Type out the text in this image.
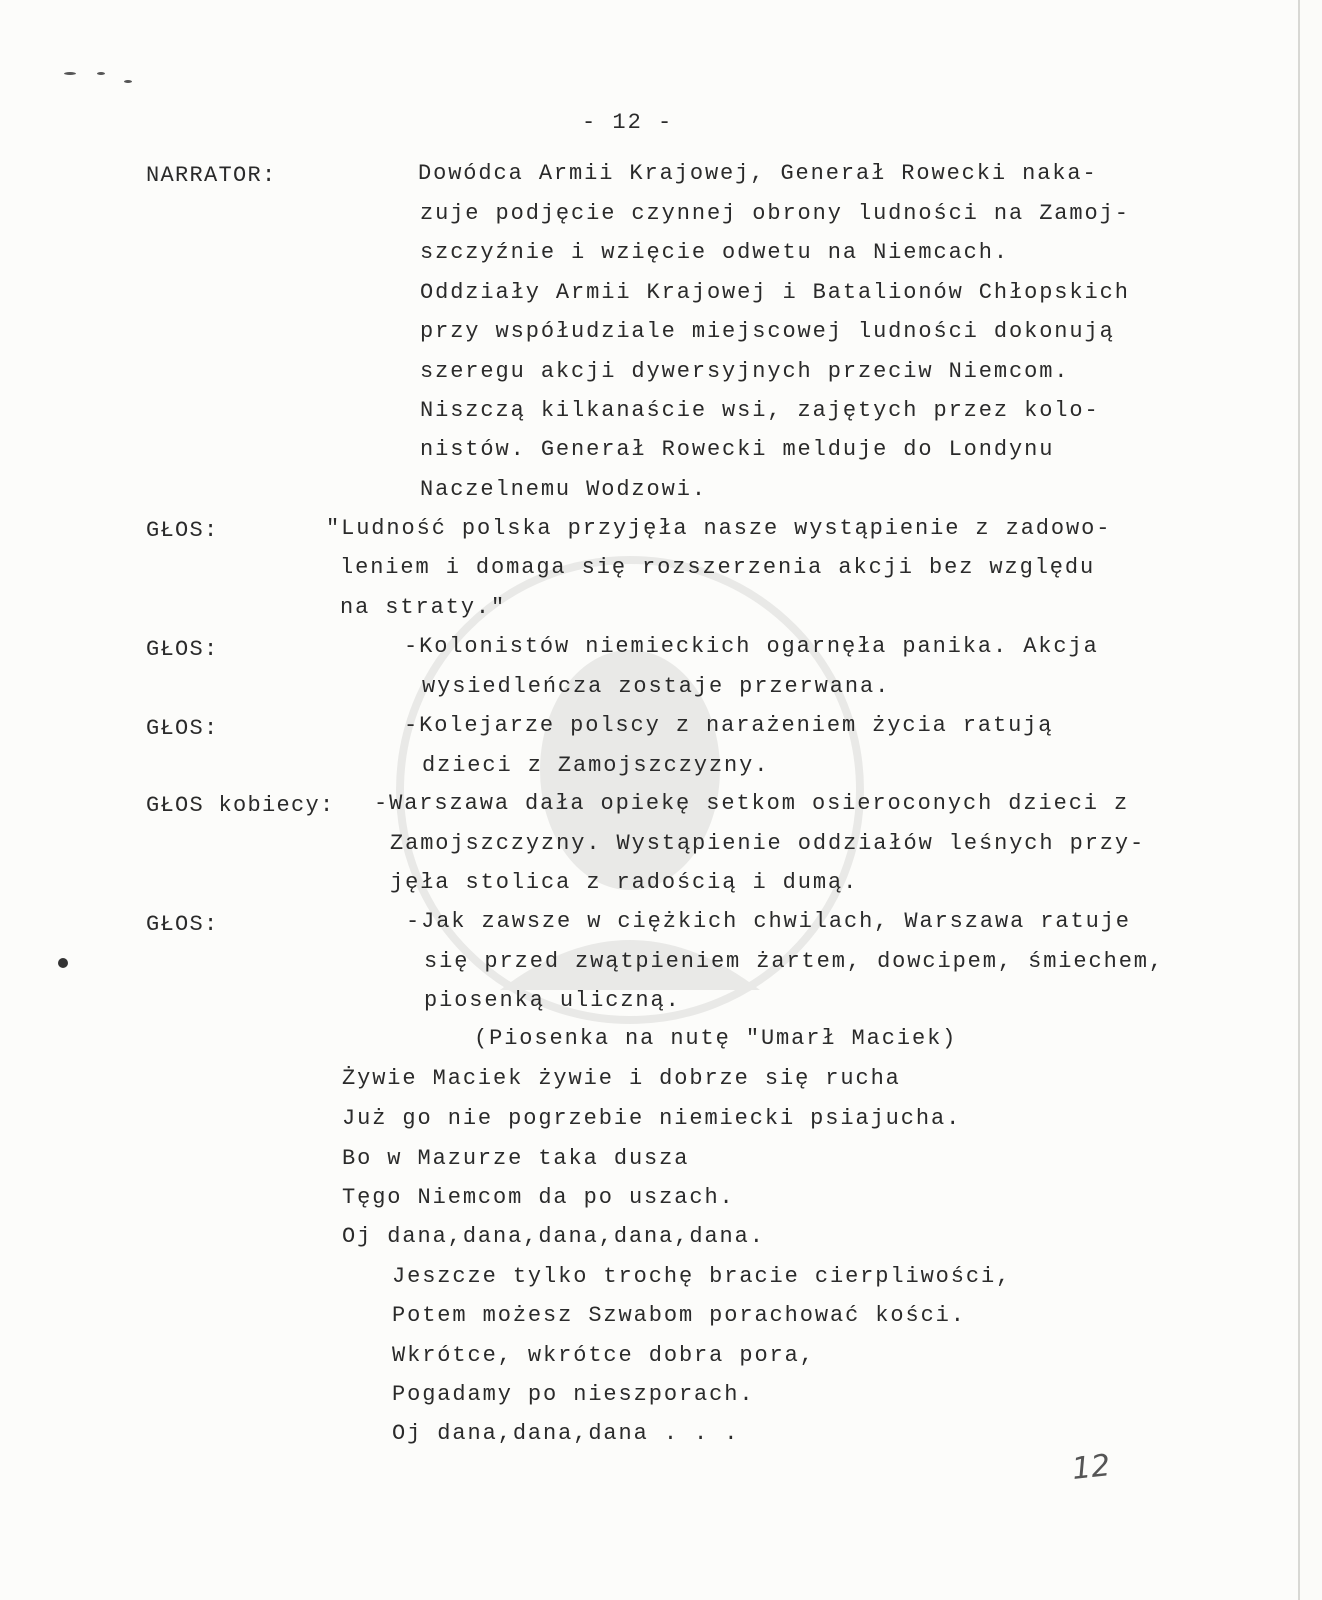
- 12 -
NARRATOR:	Dowódca Armii Krajowej, Generał Rowecki naka-
zuje podjęcie czynnej obrony ludności na Zamoj-
szczyźnie i wzięcie odwetu na Niemcach.
Oddziały Armii Krajowej i Batalionów Chłopskich
przy współudziale miejscowej ludności dokonują
szeregu akcji dywersyjnych przeciw Niemcom.
Niszczą kilkanaście wsi, zajętych przez kolo-
nistów. Generał Rowecki melduje do Londynu
Naczelnemu Wodzowi.
GŁOS:	"Ludność polska przyjęła nasze wystąpienie z zadowo-
leniem i domaga się rozszerzenia akcji bez względu
na straty."
GŁOS:	-Kolonistów niemieckich ogarnęła panika. Akcja
wysiedleńcza zostaje przerwana.
GŁOS:	-Kolejarze polscy z narażeniem życia ratują
dzieci z Zamojszczyzny.
GŁOS kobiecy: -Warszawa dała opiekę setkom osieroconych dzieci z
Zamojszczyzny. Wystąpienie oddziałów leśnych przy-
jęła stolica z radością i dumą.
GŁOS:	-Jak zawsze w ciężkich chwilach, Warszawa ratuje
się przed zwątpieniem żartem, dowcipem, śmiechem,
piosenką uliczną.
(Piosenka na nutę "Umarł Maciek)
Żywie Maciek żywie i dobrze się rucha
Już go nie pogrzebie niemiecki psiajucha.
Bo w Mazurze taka dusza
Tęgo Niemcom da po uszach.
Oj dana,dana,dana,dana,dana.
Jeszcze tylko trochę bracie cierpliwości,
Potem możesz Szwabom porachować kości.
Wkrótce, wkrótce dobra pora,
Pogadamy po nieszporach.
Oj dana,dana,dana . . .
12
